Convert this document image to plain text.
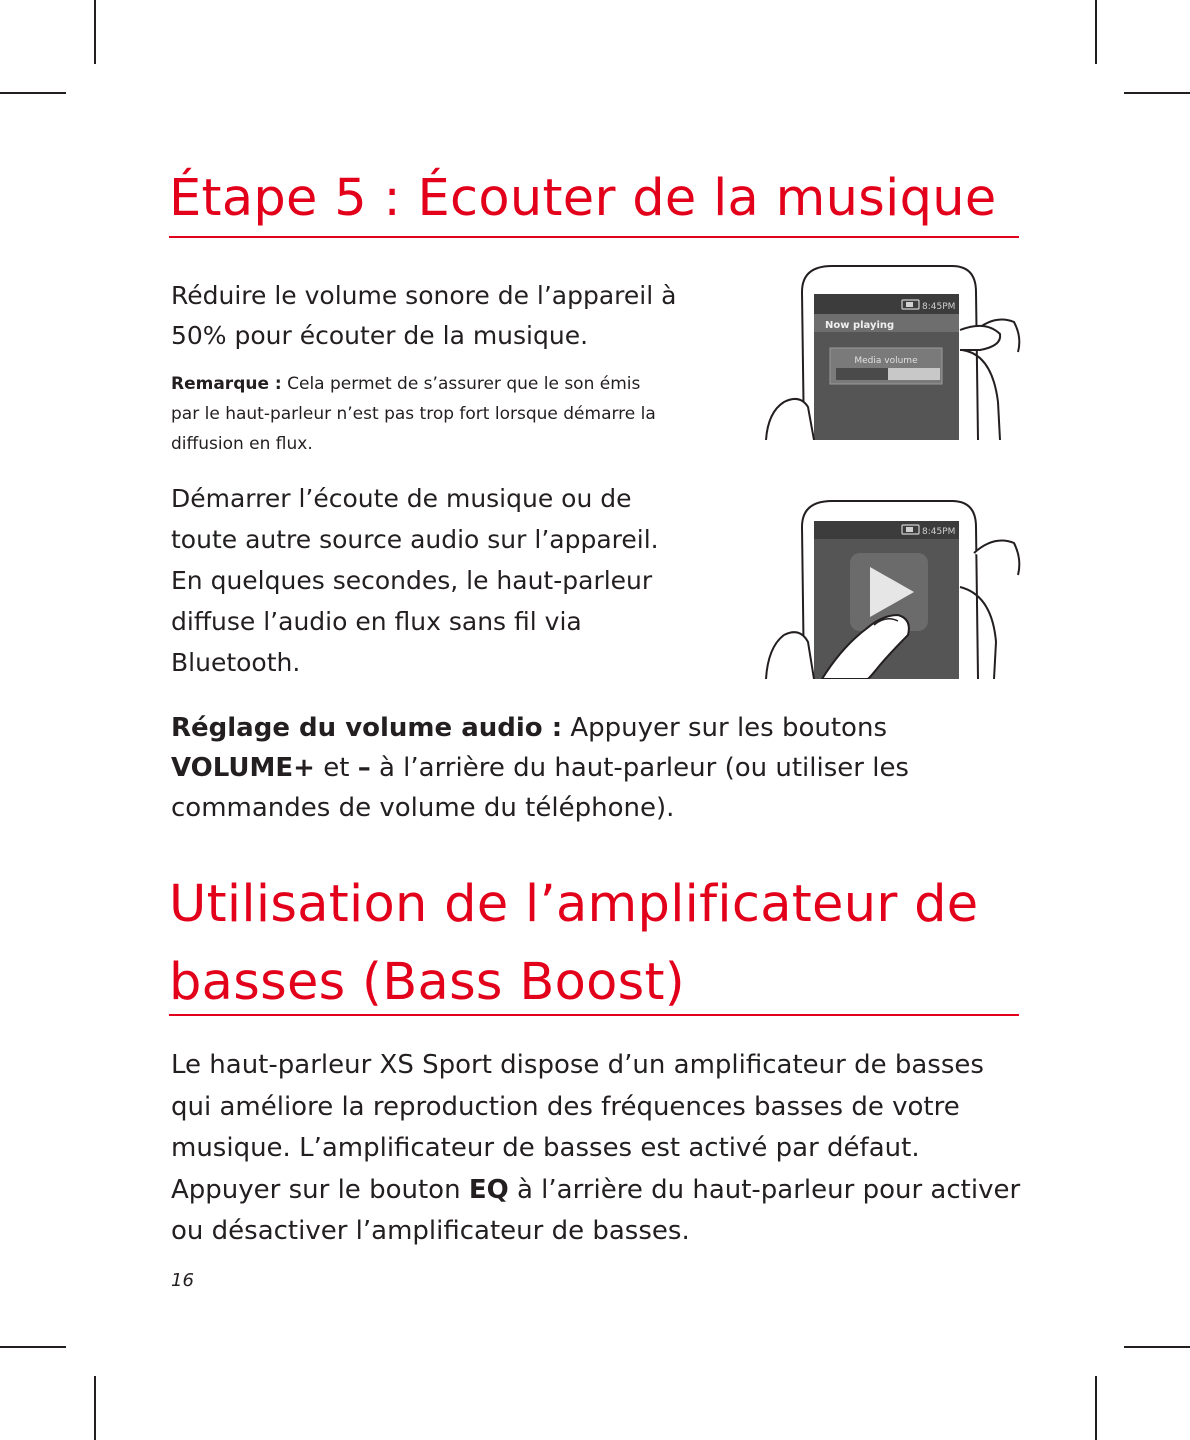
Étape 5 : Écouter de la musique

Réduire le volume sonore de l’appareil à 50% pour écouter de la musique.

Remarque : Cela permet de s’assurer que le son émis par le haut-parleur n’est pas trop fort lorsque démarre la diffusion en flux.

Démarrer l’écoute de musique ou de toute autre source audio sur l’appareil. En quelques secondes, le haut-parleur diffuse l’audio en flux sans fil via Bluetooth.

Réglage du volume audio : Appuyer sur les boutons
VOLUME+ et – à l’arrière du haut-parleur (ou utiliser les commandes de volume du téléphone).

8:45PM
Now playing
Media volume
8:45PM
Utilisation de l’amplificateur de basses (Bass Boost)

Le haut-parleur XS Sport dispose d’un amplificateur de basses qui améliore la reproduction des fréquences basses de votre musique. L’amplificateur de basses est activé par défaut. Appuyer sur le bouton EQ à l’arrière du haut-parleur pour activer ou désactiver l’amplificateur de basses.

16
